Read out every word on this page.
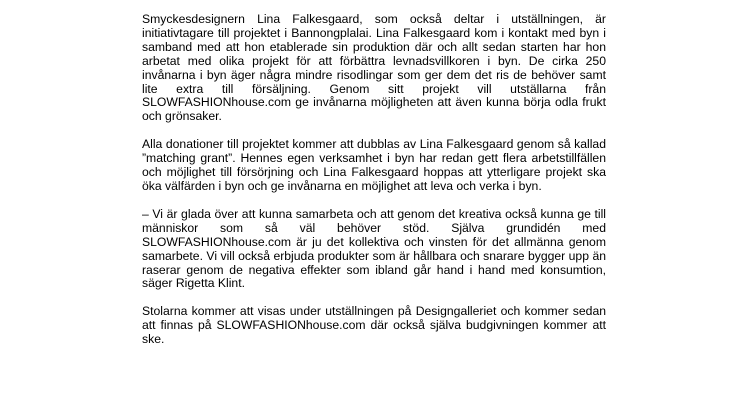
Smyckesdesignern Lina Falkesgaard, som också deltar i utställningen, är initiativtagare till projektet i Bannongplalai. Lina Falkesgaard kom i kontakt med byn i samband med att hon etablerade sin produktion där och allt sedan starten har hon arbetat med olika projekt för att förbättra levnadsvillkoren i byn. De cirka 250 invånarna i byn äger några mindre risodlingar som ger dem det ris de behöver samt lite extra till försäljning. Genom sitt projekt vill utställarna från SLOWFASHIONhouse.com ge invånarna möjligheten att även kunna börja odla frukt och grönsaker.

Alla donationer till projektet kommer att dubblas av Lina Falkesgaard genom så kallad ”matching grant”. Hennes egen verksamhet i byn har redan gett flera arbetstillfällen och möjlighet till försörjning och Lina Falkesgaard hoppas att ytterligare projekt ska öka välfärden i byn och ge invånarna en möjlighet att leva och verka i byn.

– Vi är glada över att kunna samarbeta och att genom det kreativa också kunna ge till människor som så väl behöver stöd. Själva grundidén med SLOWFASHIONhouse.com är ju det kollektiva och vinsten för det allmänna genom samarbete. Vi vill också erbjuda produkter som är hållbara och snarare bygger upp än raserar genom de negativa effekter som ibland går hand i hand med konsumtion, säger Rigetta Klint.

Stolarna kommer att visas under utställningen på Designgalleriet och kommer sedan att finnas på SLOWFASHIONhouse.com där också själva budgivningen kommer att ske.
